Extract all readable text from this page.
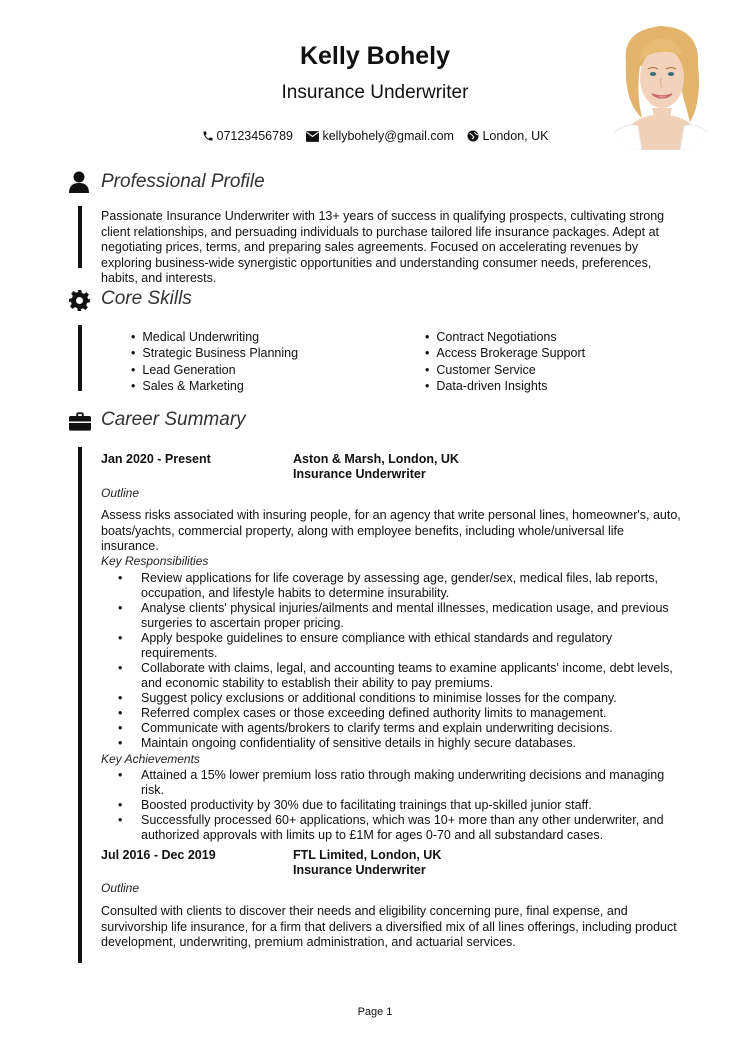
Kelly Bohely
Insurance Underwriter
07123456789 kellybohely@gmail.com London, UK
Professional Profile
Passionate Insurance Underwriter with 13+ years of success in qualifying prospects, cultivating strong client relationships, and persuading individuals to purchase tailored life insurance packages. Adept at negotiating prices, terms, and preparing sales agreements. Focused on accelerating revenues by exploring business-wide synergistic opportunities and understanding consumer needs, preferences, habits, and interests.
Core Skills
• Medical Underwriting
• Strategic Business Planning
• Lead Generation
• Sales & Marketing
• Contract Negotiations
• Access Brokerage Support
• Customer Service
• Data-driven Insights
Career Summary
Jan 2020 - Present	Aston & Marsh, London, UK
Insurance Underwriter
Outline
Assess risks associated with insuring people, for an agency that write personal lines, homeowner's, auto, boats/yachts, commercial property, along with employee benefits, including whole/universal life insurance.
Key Responsibilities
• Review applications for life coverage by assessing age, gender/sex, medical files, lab reports, occupation, and lifestyle habits to determine insurability.
• Analyse clients' physical injuries/ailments and mental illnesses, medication usage, and previous surgeries to ascertain proper pricing.
• Apply bespoke guidelines to ensure compliance with ethical standards and regulatory requirements.
• Collaborate with claims, legal, and accounting teams to examine applicants' income, debt levels, and economic stability to establish their ability to pay premiums.
• Suggest policy exclusions or additional conditions to minimise losses for the company.
• Referred complex cases or those exceeding defined authority limits to management.
• Communicate with agents/brokers to clarify terms and explain underwriting decisions.
• Maintain ongoing confidentiality of sensitive details in highly secure databases.
Key Achievements
• Attained a 15% lower premium loss ratio through making underwriting decisions and managing risk.
• Boosted productivity by 30% due to facilitating trainings that up-skilled junior staff.
• Successfully processed 60+ applications, which was 10+ more than any other underwriter, and authorized approvals with limits up to £1M for ages 0-70 and all substandard cases.
Jul 2016 - Dec 2019	FTL Limited, London, UK
Insurance Underwriter
Outline
Consulted with clients to discover their needs and eligibility concerning pure, final expense, and survivorship life insurance, for a firm that delivers a diversified mix of all lines offerings, including product development, underwriting, premium administration, and actuarial services.
Page 1
